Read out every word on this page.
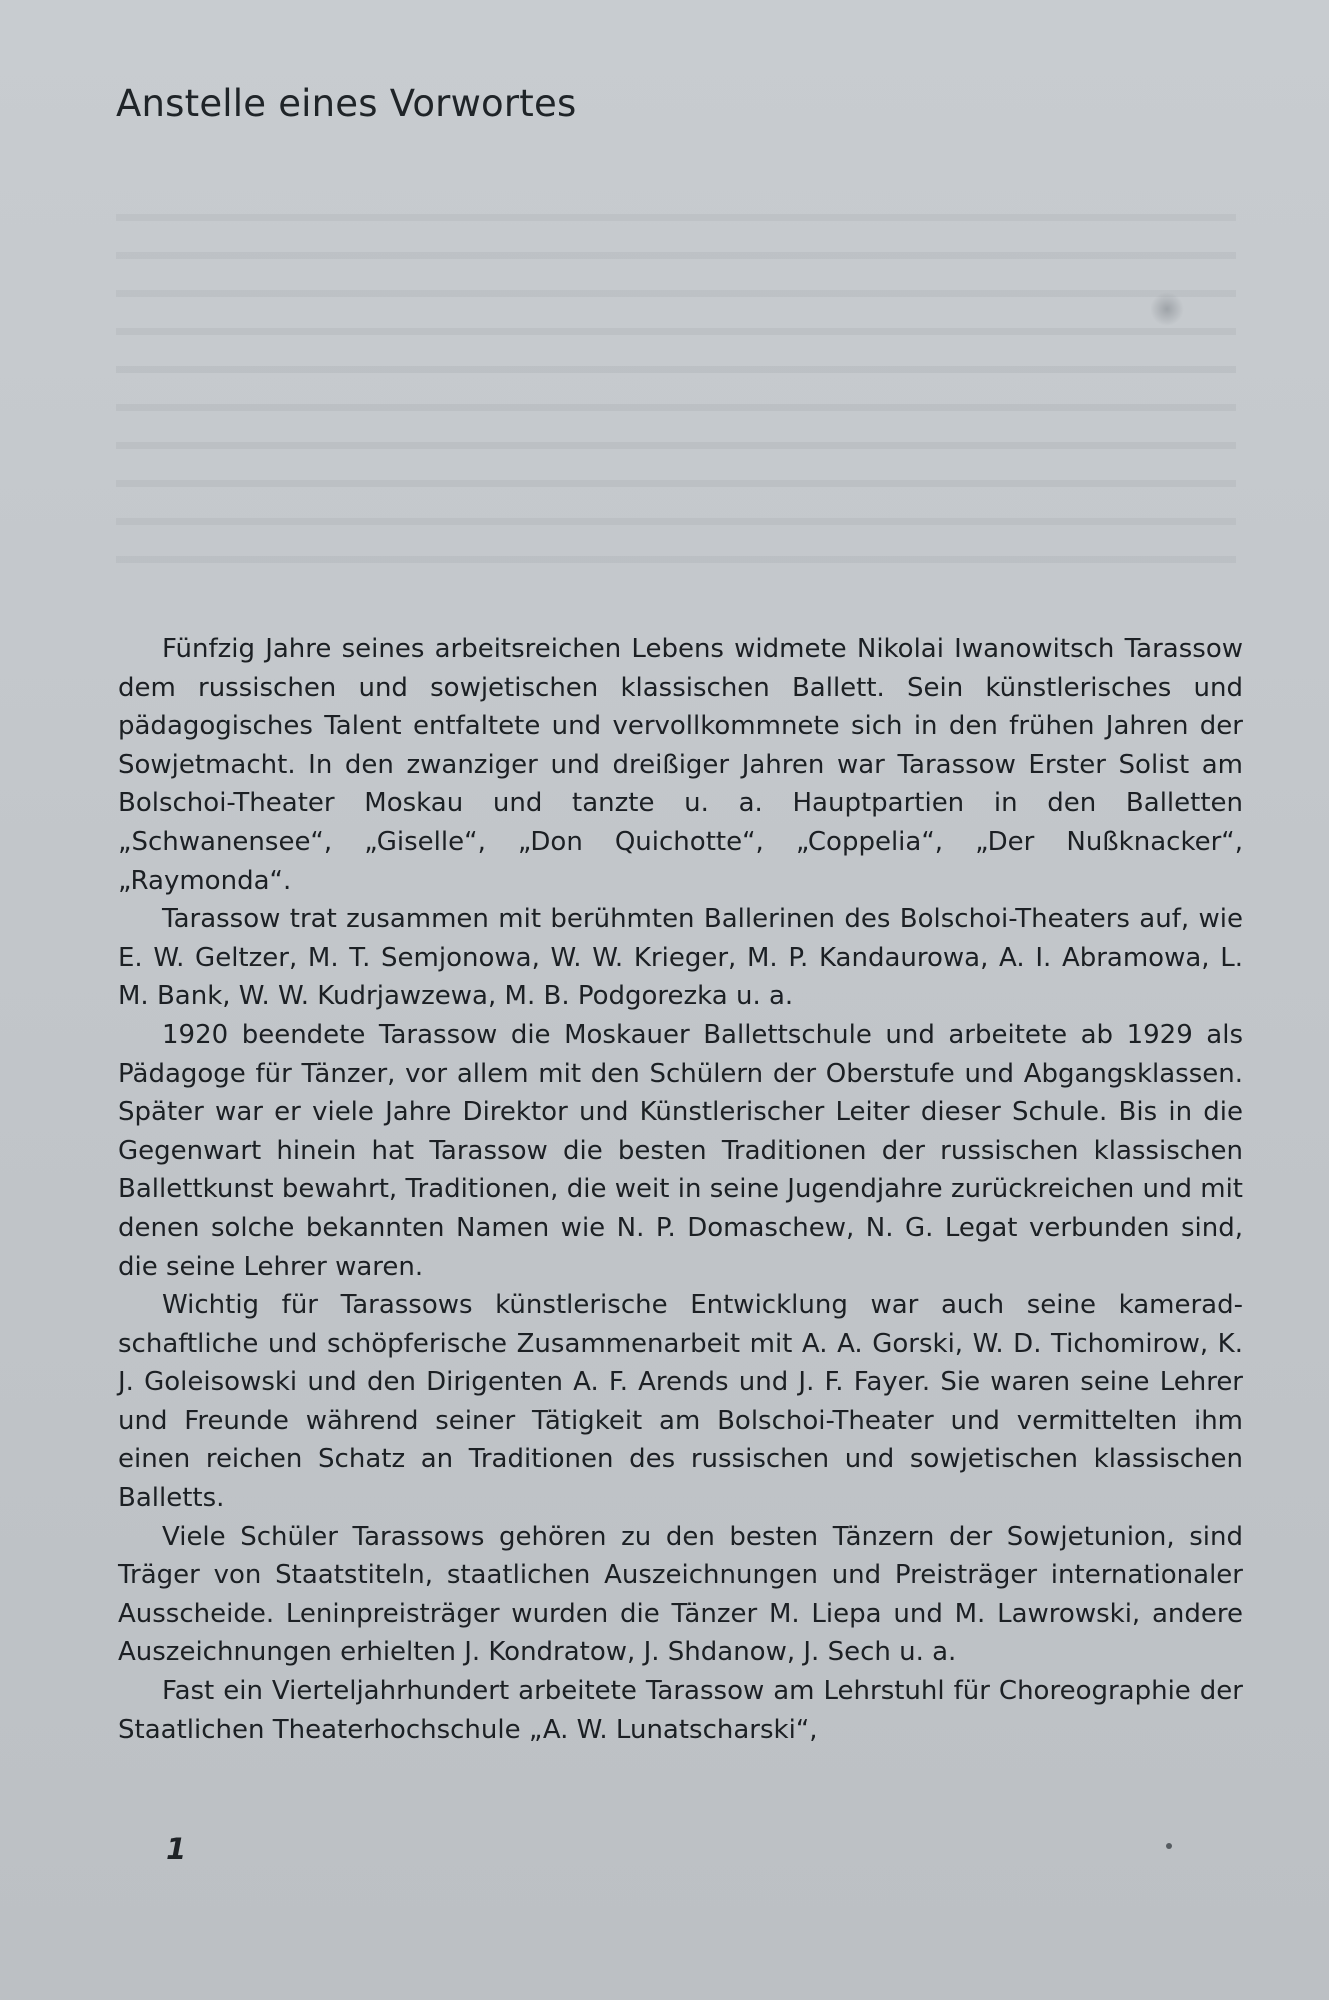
Anstelle eines Vorwortes

Fünfzig Jahre seines arbeitsreichen Lebens widmete Nikolai Iwanowitsch Tarassow dem russischen und sowjetischen klassischen Ballett. Sein künstlerisches und pädagogisches Talent entfaltete und vervollkommnete sich in den frühen Jahren der Sowjetmacht. In den zwanziger und dreißiger Jahren war Tarassow Erster Solist am Bolschoi-Theater Moskau und tanzte u. a. Hauptpartien in den Balletten „Schwanensee“, „Giselle“, „Don Quichotte“, „Coppelia“, „Der Nußknacker“, „Raymonda“.

Tarassow trat zusammen mit berühmten Ballerinen des Bolschoi-Theaters auf, wie E. W. Geltzer, M. T. Semjonowa, W. W. Krieger, M. P. Kandaurowa, A. I. Abramowa, L. M. Bank, W. W. Kudrjawzewa, M. B. Podgorezka u. a.

1920 beendete Tarassow die Moskauer Ballettschule und arbeitete ab 1929 als Pädagoge für Tänzer, vor allem mit den Schülern der Oberstufe und Abgangsklassen. Später war er viele Jahre Direktor und Künstlerischer Leiter dieser Schule. Bis in die Gegenwart hinein hat Tarassow die besten Traditionen der russischen klassischen Ballettkunst bewahrt, Traditionen, die weit in seine Jugendjahre zurückreichen und mit denen solche bekannten Namen wie N. P. Domaschew, N. G. Legat verbunden sind, die seine Lehrer waren.

Wichtig für Tarassows künstlerische Entwicklung war auch seine kameradschaftliche und schöpferische Zusammenarbeit mit A. A. Gorski, W. D. Tichomirow, K. J. Goleisowski und den Dirigenten A. F. Arends und J. F. Fayer. Sie waren seine Lehrer und Freunde während seiner Tätigkeit am Bolschoi-Theater und vermittelten ihm einen reichen Schatz an Traditionen des russischen und sowjetischen klassischen Balletts.

Viele Schüler Tarassows gehören zu den besten Tänzern der Sowjetunion, sind Träger von Staatstiteln, staatlichen Auszeichnungen und Preisträger internationaler Ausscheide. Leninpreisträger wurden die Tänzer M. Liepa und M. Lawrowski, andere Auszeichnungen erhielten J. Kondratow, J. Shdanow, J. Sech u. a.

Fast ein Vierteljahrhundert arbeitete Tarassow am Lehrstuhl für Choreographie der Staatlichen Theaterhochschule „A. W. Lunatscharski“,

1
